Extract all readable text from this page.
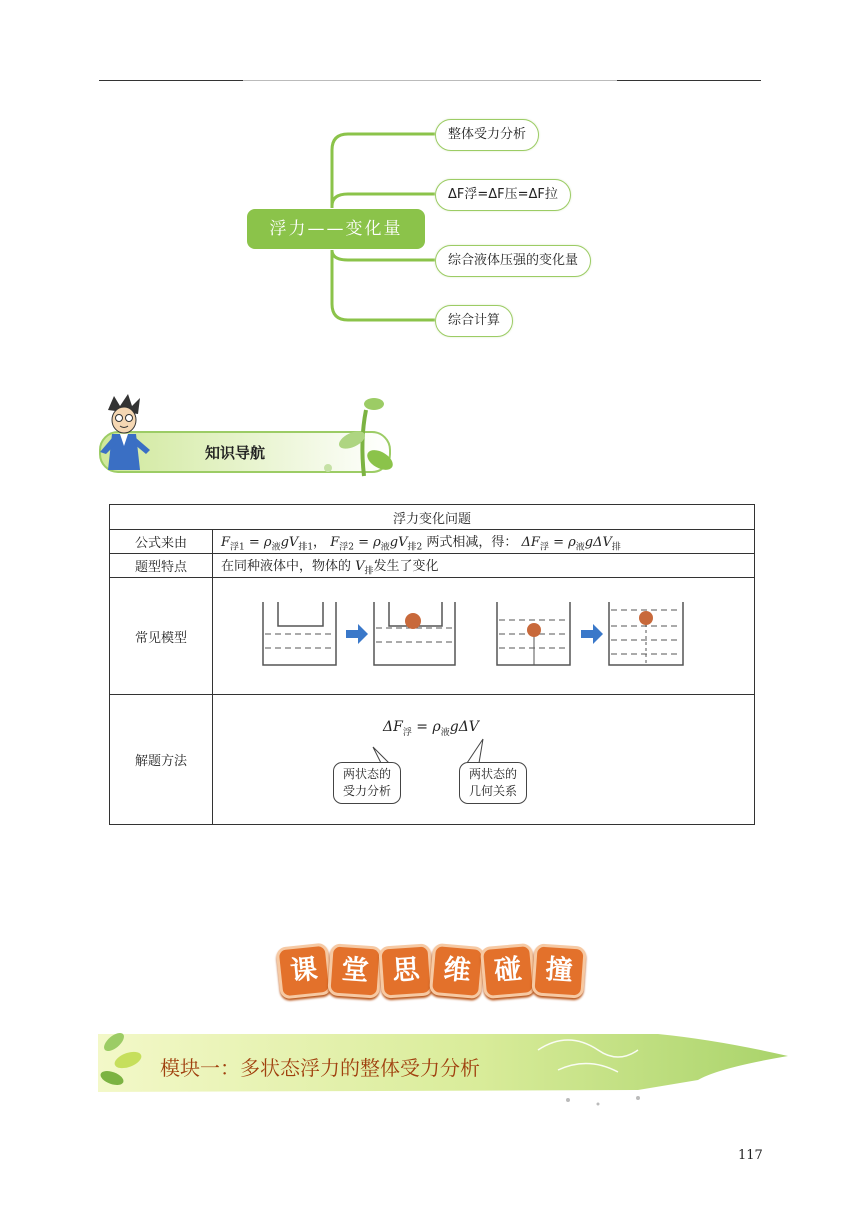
浮力——变化量
整体受力分析
ΔF浮=ΔF压=ΔF拉
综合液体压强的变化量
综合计算
知识导航
浮力变化问题	
公式来由	$F_{浮1} = \rho_液gV_{排1}$， $F_{浮2} = \rho_液gV_{排2}$ 两式相减，得： $\Delta F_浮 = \rho_液g\Delta V_排$
题型特点	在同种液体中，物体的 $V_排$发生了变化
常见模型	
解题方法	$\Delta F_浮 = \rho_液g\Delta V$
两状态的
受力分析
两状态的
几何关系
课 堂 思 维 碰 撞
模块一：多状态浮力的整体受力分析
117
